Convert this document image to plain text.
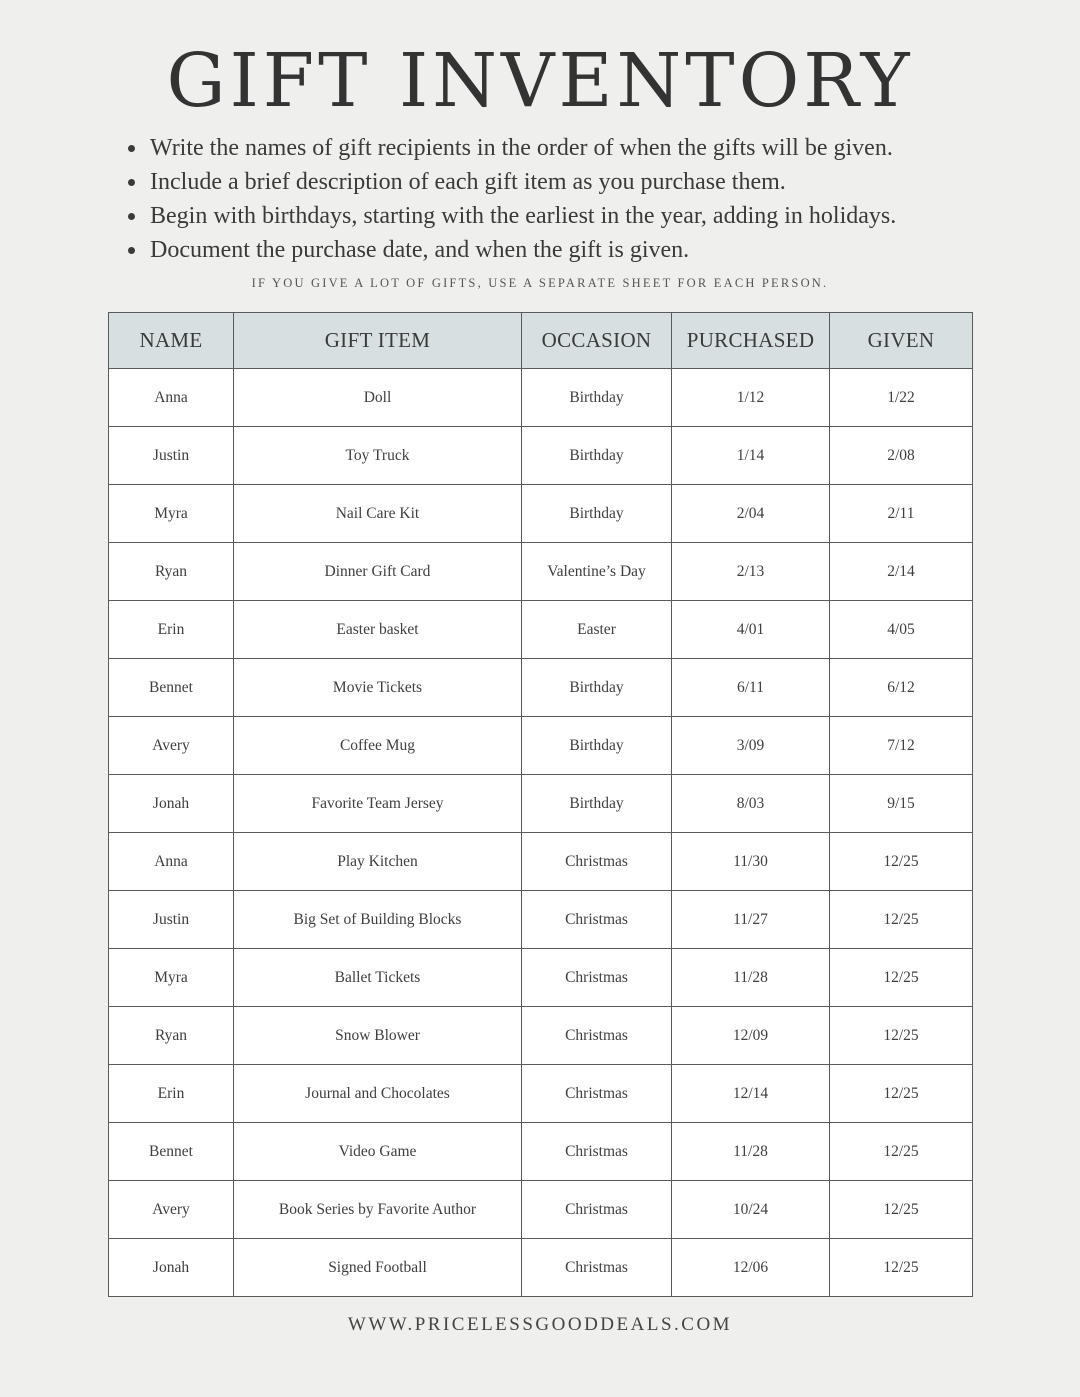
GIFT INVENTORY
Write the names of gift recipients in the order of when the gifts will be given.
Include a brief description of each gift item as you purchase them.
Begin with birthdays, starting with the earliest in the year, adding in holidays.
Document the purchase date, and when the gift is given.
IF YOU GIVE A LOT OF GIFTS, USE A SEPARATE SHEET FOR EACH PERSON.
NAME	GIFT ITEM	OCCASION	PURCHASED	GIVEN
Anna	Doll	Birthday	1/12	1/22
Justin	Toy Truck	Birthday	1/14	2/08
Myra	Nail Care Kit	Birthday	2/04	2/11
Ryan	Dinner Gift Card	Valentine’s Day	2/13	2/14
Erin	Easter basket	Easter	4/01	4/05
Bennet	Movie Tickets	Birthday	6/11	6/12
Avery	Coffee Mug	Birthday	3/09	7/12
Jonah	Favorite Team Jersey	Birthday	8/03	9/15
Anna	Play Kitchen	Christmas	11/30	12/25
Justin	Big Set of Building Blocks	Christmas	11/27	12/25
Myra	Ballet Tickets	Christmas	11/28	12/25
Ryan	Snow Blower	Christmas	12/09	12/25
Erin	Journal and Chocolates	Christmas	12/14	12/25
Bennet	Video Game	Christmas	11/28	12/25
Avery	Book Series by Favorite Author	Christmas	10/24	12/25
Jonah	Signed Football	Christmas	12/06	12/25
WWW.PRICELESSGOODDEALS.COM
